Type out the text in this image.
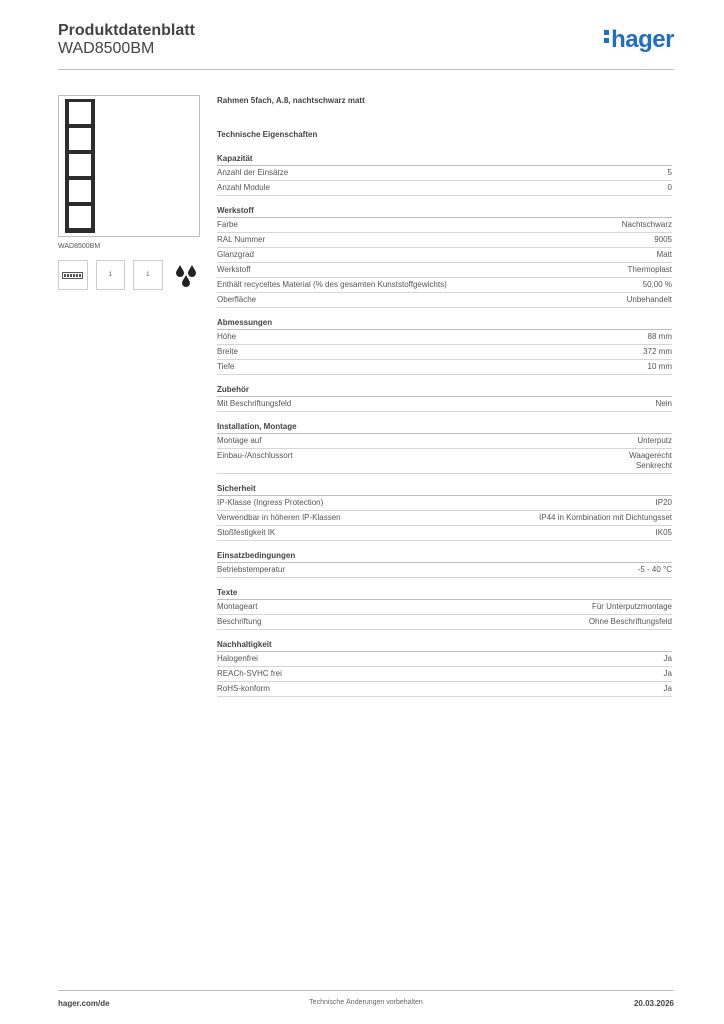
Produktdatenblatt
WAD8500BM	hager
WAD8500BM
1	1
Rahmen 5fach, A.8, nachtschwarz matt
Technische Eigenschaften
Kapazität
Anzahl der Einsätze	5
Anzahl Module	0
Werkstoff
Farbe	Nachtschwarz
RAL Nummer	9005
Glanzgrad	Matt
Werkstoff	Thermoplast
Enthält recyceltes Material (% des gesamten Kunststoffgewichts)	50,00 %
Oberfläche	Unbehandelt
Abmessungen
Höhe	88 mm
Breite	372 mm
Tiefe	10 mm
Zubehör
Mit Beschriftungsfeld	Nein
Installation, Montage
Montage auf	Unterputz
Einbau-/Anschlussort	Waagerecht
Senkrecht
Sicherheit
IP-Klasse (Ingress Protection)	IP20
Verwendbar in höheren IP-Klassen	IP44 in Kombination mit Dichtungsset
Stoßfestigkeit IK	IK05
Einsatzbedingungen
Betriebstemperatur	-5 - 40 °C
Texte
Montageart	Für Unterputzmontage
Beschriftung	Ohne Beschriftungsfeld
Nachhaltigkeit
Halogenfrei	Ja
REACh-SVHC frei	Ja
RoHS-konform	Ja
hager.com/de	Technische Änderungen vorbehalten	20.03.2026
